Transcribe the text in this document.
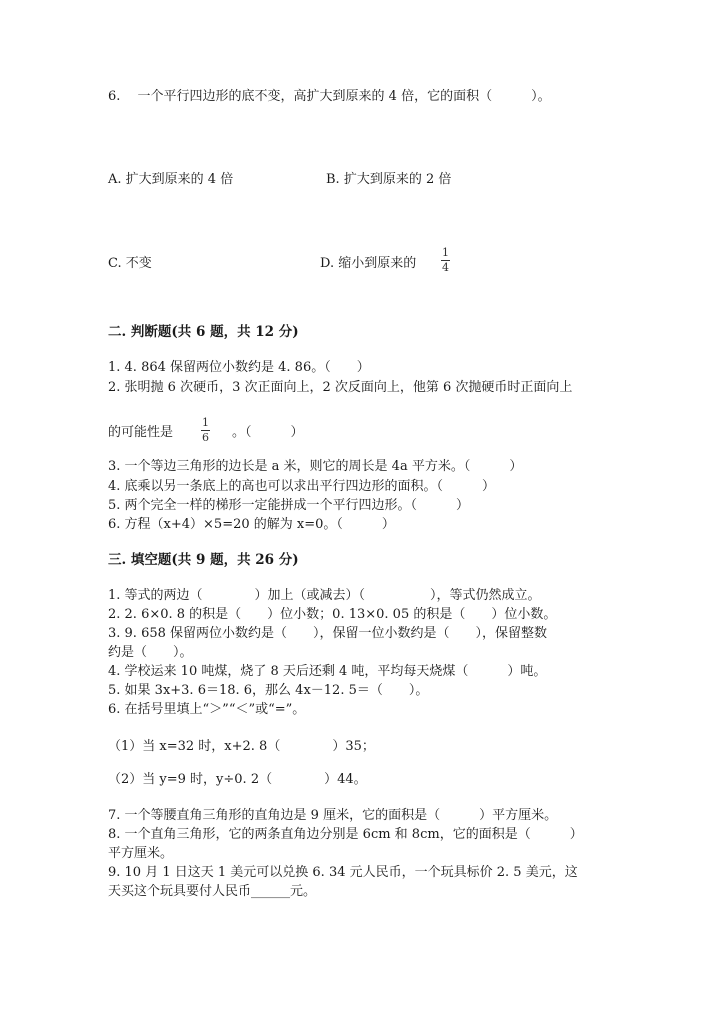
6.　 一个平行四边形的底不变，高扩大到原来的 4 倍，它的面积（　　　）。
A. 扩大到原来的 4 倍	B. 扩大到原来的 2 倍
C. 不变	D. 缩小到原来的
1
4
二. 判断题(共 6 题，共 12 分)
1. 4. 864 保留两位小数约是 4. 86。（　　）
2. 张明抛 6 次硬币，3 次正面向上，2 次反面向上，他第 6 次抛硬币时正面向上
的可能性是
1
6 。（　　　）
3. 一个等边三角形的边长是 a 米，则它的周长是 4a 平方米。（　　　）
4. 底乘以另一条底上的高也可以求出平行四边形的面积。（　　　）
5. 两个完全一样的梯形一定能拼成一个平行四边形。（　　　）
6. 方程（x+4）×5=20 的解为 x=0。（　　　）
三. 填空题(共 9 题，共 26 分)
1. 等式的两边（　　　　）加上（或减去）（　　　　　），等式仍然成立。
2. 2. 6×0. 8 的积是（　　）位小数；0. 13×0. 05 的积是（　　）位小数。
3. 9. 658 保留两位小数约是（　　），保留一位小数约是（　　），保留整数
约是（　　）。
4. 学校运来 10 吨煤，烧了 8 天后还剩 4 吨，平均每天烧煤（　　　）吨。
5. 如果 3x+3. 6＝18. 6，那么 4x－12. 5＝（　　）。
6. 在括号里填上“＞”“＜”或“=”。
（1）当 x=32 时，x+2. 8（　　　　）35；
（2）当 y=9 时，y÷0. 2（　　　　）44。
7. 一个等腰直角三角形的直角边是 9 厘米，它的面积是（　　　）平方厘米。
8. 一个直角三角形，它的两条直角边分别是 6cm 和 8cm，它的面积是（　　　）
平方厘米。
9. 10 月 1 日这天 1 美元可以兑换 6. 34 元人民币，一个玩具标价 2. 5 美元，这
天买这个玩具要付人民币______元。
